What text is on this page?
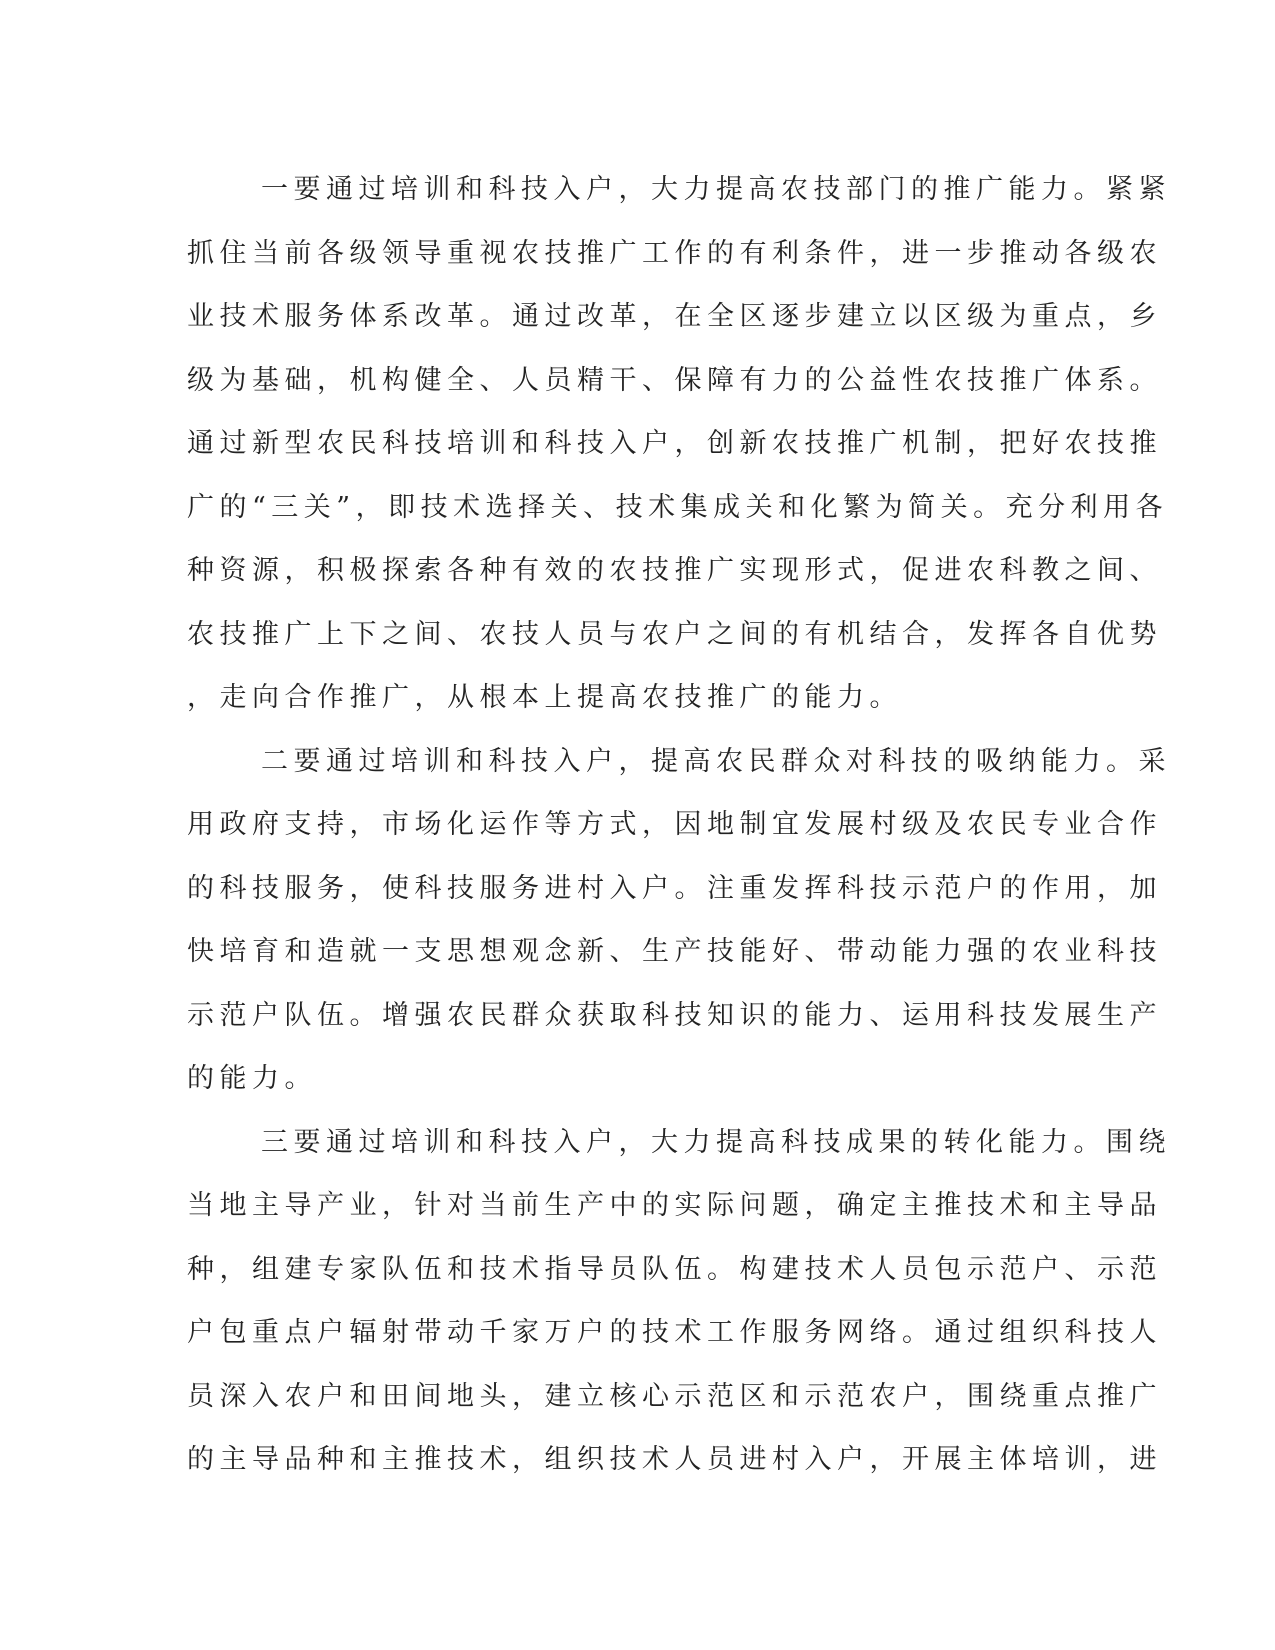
一要通过培训和科技入户，大力提高农技部门的推广能力。紧紧
抓住当前各级领导重视农技推广工作的有利条件，进一步推动各级农
业技术服务体系改革。通过改革，在全区逐步建立以区级为重点，乡
级为基础，机构健全、人员精干、保障有力的公益性农技推广体系。
通过新型农民科技培训和科技入户，创新农技推广机制，把好农技推
广的“三关”，即技术选择关、技术集成关和化繁为简关。充分利用各
种资源，积极探索各种有效的农技推广实现形式，促进农科教之间、
农技推广上下之间、农技人员与农户之间的有机结合，发挥各自优势
，走向合作推广，从根本上提高农技推广的能力。
二要通过培训和科技入户，提高农民群众对科技的吸纳能力。采
用政府支持，市场化运作等方式，因地制宜发展村级及农民专业合作
的科技服务，使科技服务进村入户。注重发挥科技示范户的作用，加
快培育和造就一支思想观念新、生产技能好、带动能力强的农业科技
示范户队伍。增强农民群众获取科技知识的能力、运用科技发展生产
的能力。
三要通过培训和科技入户，大力提高科技成果的转化能力。围绕
当地主导产业，针对当前生产中的实际问题，确定主推技术和主导品
种，组建专家队伍和技术指导员队伍。构建技术人员包示范户、示范
户包重点户辐射带动千家万户的技术工作服务网络。通过组织科技人
员深入农户和田间地头，建立核心示范区和示范农户，围绕重点推广
的主导品种和主推技术，组织技术人员进村入户，开展主体培训，进
